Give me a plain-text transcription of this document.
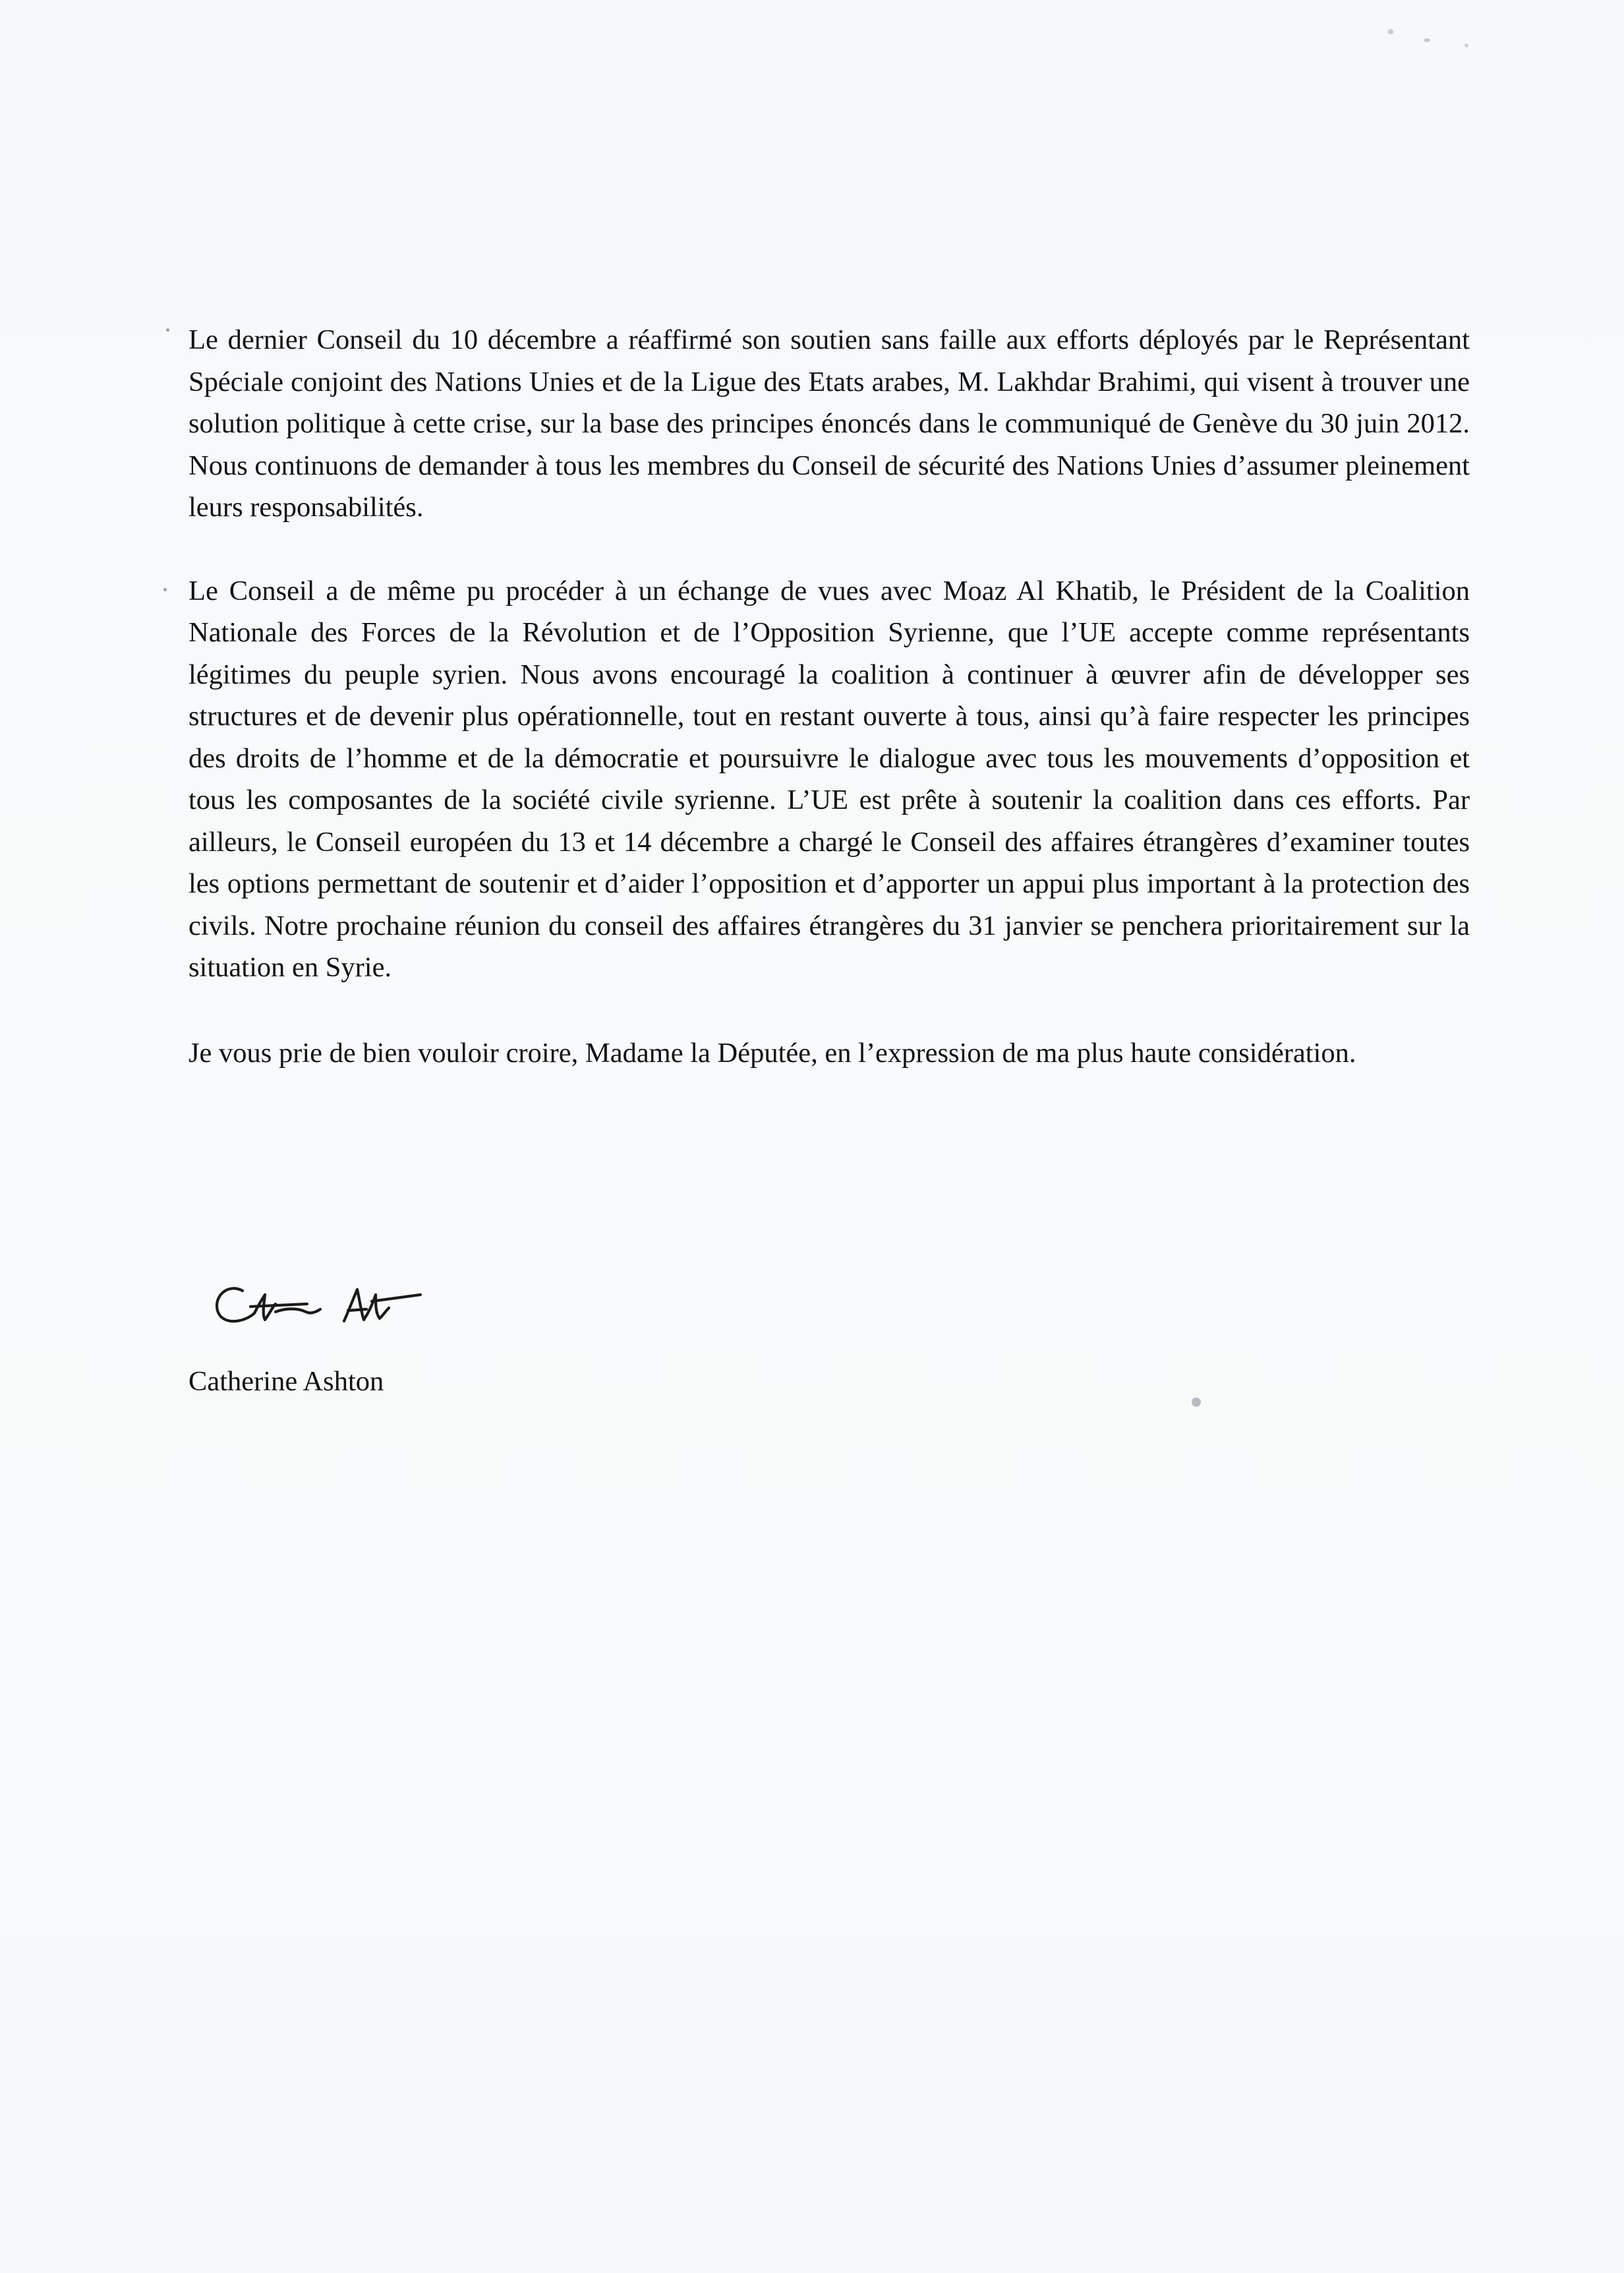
Le dernier Conseil du 10 décembre a réaffirmé son soutien sans faille aux efforts déployés par le Représentant Spéciale conjoint des Nations Unies et de la Ligue des Etats arabes, M. Lakhdar Brahimi, qui visent à trouver une solution politique à cette crise, sur la base des principes énoncés dans le communiqué de Genève du 30 juin 2012. Nous continuons de demander à tous les membres du Conseil de sécurité des Nations Unies d’assumer pleinement leurs responsabilités.

Le Conseil a de même pu procéder à un échange de vues avec Moaz Al Khatib, le Président de la Coalition Nationale des Forces de la Révolution et de l’Opposition Syrienne, que l’UE accepte comme représentants légitimes du peuple syrien. Nous avons encouragé la coalition à continuer à œuvrer afin de développer ses structures et de devenir plus opérationnelle, tout en restant ouverte à tous, ainsi qu’à faire respecter les principes des droits de l’homme et de la démocratie et poursuivre le dialogue avec tous les mouvements d’opposition et tous les composantes de la société civile syrienne. L’UE est prête à soutenir la coalition dans ces efforts. Par ailleurs, le Conseil européen du 13 et 14 décembre a chargé le Conseil des affaires étrangères d’examiner toutes les options permettant de soutenir et d’aider l’opposition et d’apporter un appui plus important à la protection des civils. Notre prochaine réunion du conseil des affaires étrangères du 31 janvier se penchera prioritairement sur la situation en Syrie.

Je vous prie de bien vouloir croire, Madame la Députée, en l’expression de ma plus haute considération.

Catherine Ashton
